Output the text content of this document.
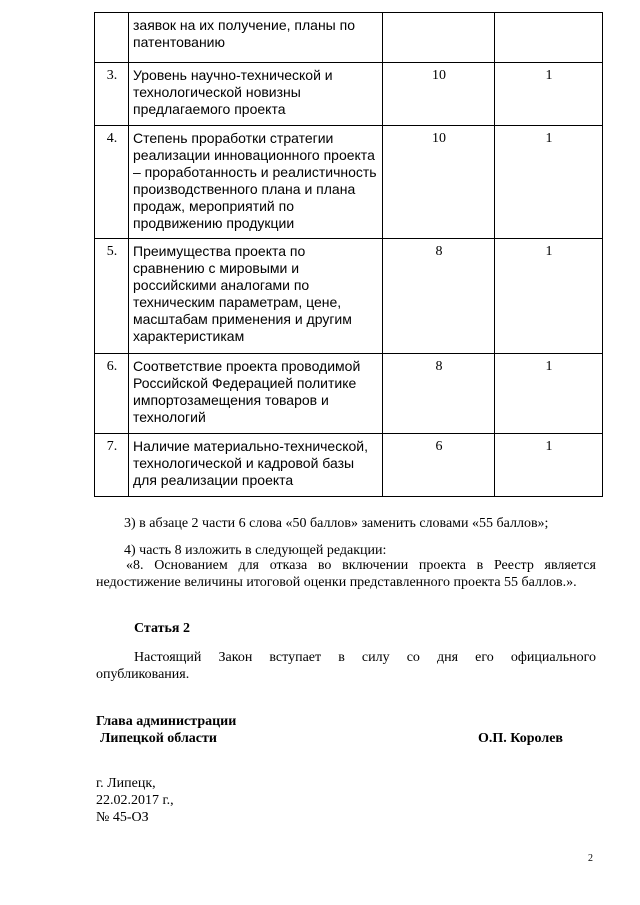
	заявок на их получение, планы по патентованию		
3.	Уровень научно-технической и технологической новизны предлагаемого проекта	10	1
4.	Степень проработки стратегии реализации инновационного проекта – проработанность и реалистичность производственного плана и плана продаж, мероприятий по продвижению продукции	10	1
5.	Преимущества проекта по сравнению с мировыми и российскими аналогами по техническим параметрам, цене, масштабам применения и другим характеристикам	8	1
6.	Соответствие проекта проводимой Российской Федерацией политике импортозамещения товаров и технологий	8	1
7.	Наличие материально-технической, технологической и кадровой базы для реализации проекта	6	1
3) в абзаце 2 части 6 слова «50 баллов» заменить словами «55 баллов»;
4) часть 8 изложить в следующей редакции:
«8. Основанием для отказа во включении проекта в Реестр является недостижение величины итоговой оценки представленного проекта 55 баллов.».
Статья 2
Настоящий Закон вступает в силу со дня его официального опубликования.
Глава администрации
Липецкой области	О.П. Королев
г. Липецк,
22.02.2017 г.,
№ 45-ОЗ
2
